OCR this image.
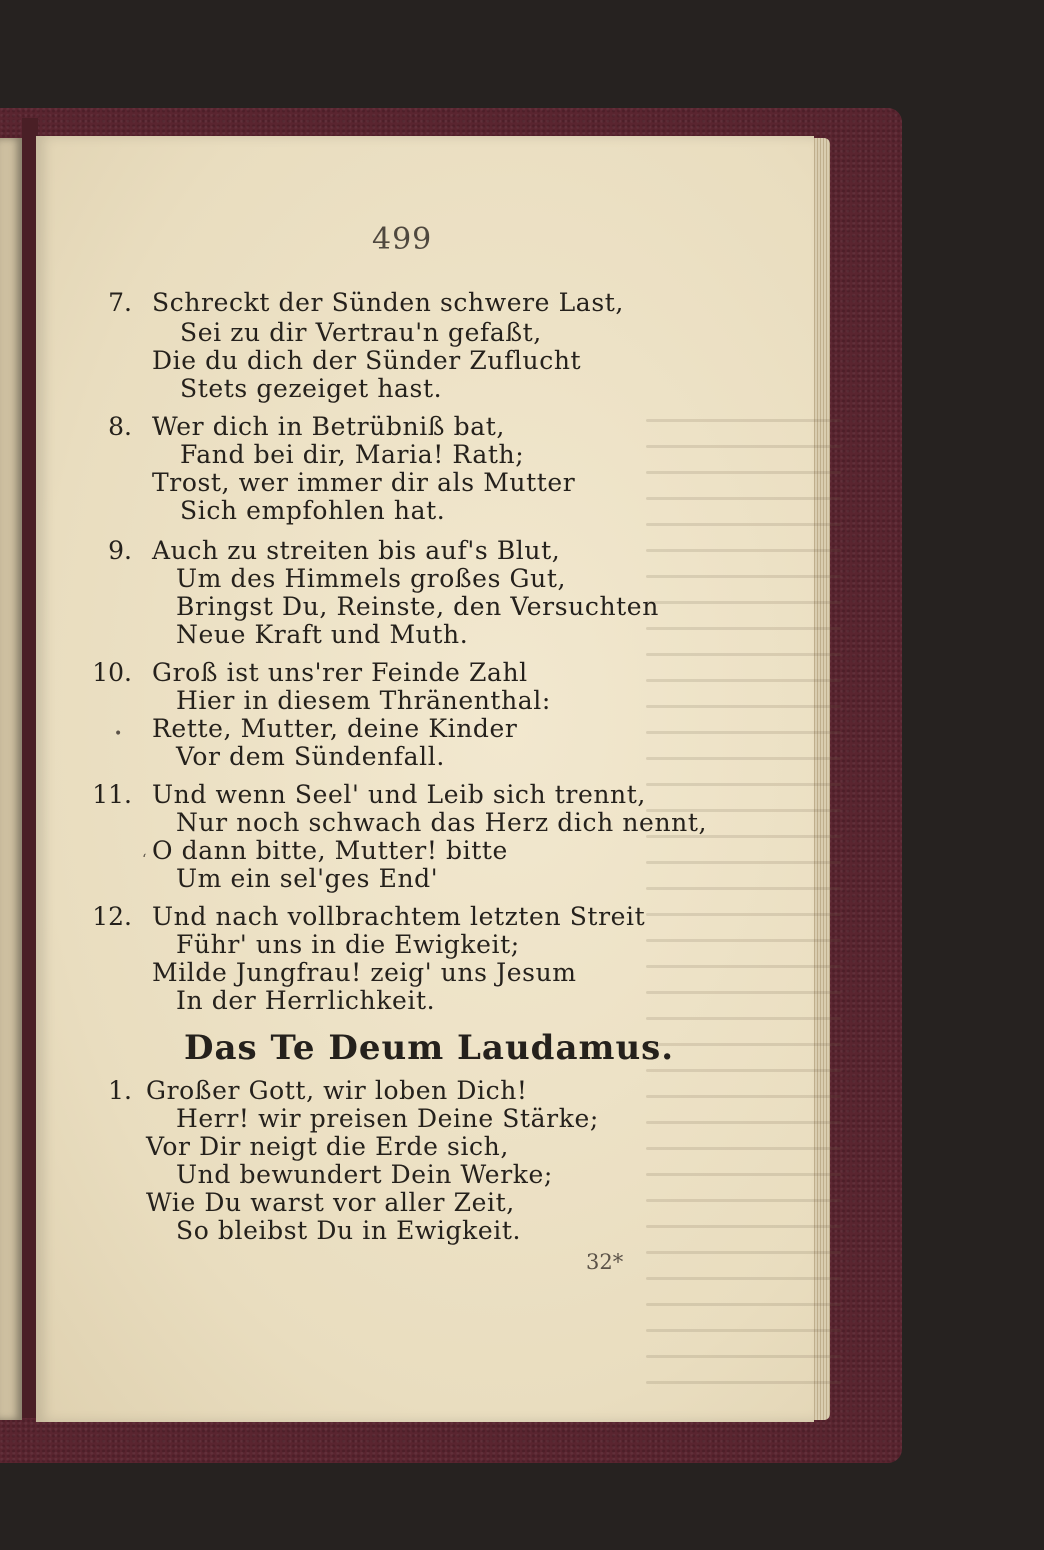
499
7. Schreckt der Sünden schwere Last,
Sei zu dir Vertrau'n gefaßt,
Die du dich der Sünder Zuflucht
Stets gezeiget hast.
8. Wer dich in Betrübniß bat,
Fand bei dir, Maria! Rath;
Trost, wer immer dir als Mutter
Sich empfohlen hat.
9. Auch zu streiten bis auf's Blut,
Um des Himmels großes Gut,
Bringst Du, Reinste, den Versuchten
Neue Kraft und Muth.
10. Groß ist uns'rer Feinde Zahl
Hier in diesem Thränenthal:
Rette, Mutter, deine Kinder
Vor dem Sündenfall.
•
11. Und wenn Seel' und Leib sich trennt,
Nur noch schwach das Herz dich nennt,
O dann bitte, Mutter! bitte
Um ein sel'ges End'
‘
12. Und nach vollbrachtem letzten Streit
Führ' uns in die Ewigkeit;
Milde Jungfrau! zeig' uns Jesum
In der Herrlichkeit.
Das Te Deum Laudamus.
1. Großer Gott, wir loben Dich!
Herr! wir preisen Deine Stärke;
Vor Dir neigt die Erde sich,
Und bewundert Dein Werke;
Wie Du warst vor aller Zeit,
So bleibst Du in Ewigkeit.
32*
